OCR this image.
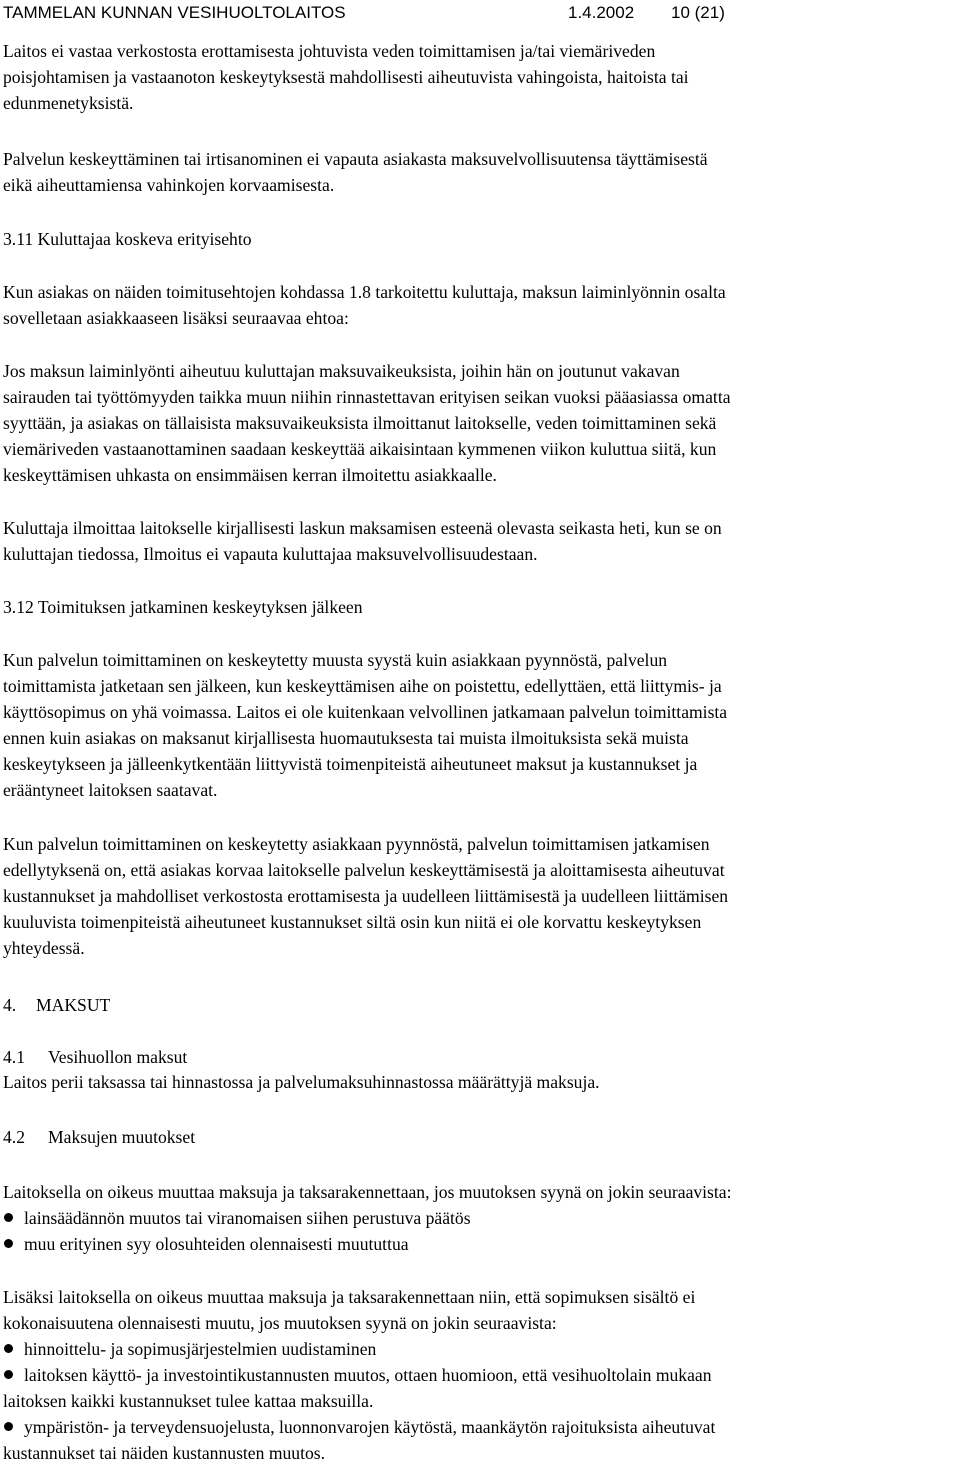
TAMMELAN KUNNAN VESIHUOLTOLAITOS	1.4.2002 10 (21)
Laitos ei vastaa verkostosta erottamisesta johtuvista veden toimittamisen ja/tai viemäriveden
poisjohtamisen ja vastaanoton keskeytyksestä mahdollisesti aiheutuvista vahingoista, haitoista tai
edunmenetyksistä.
Palvelun keskeyttäminen tai irtisanominen ei vapauta asiakasta maksuvelvollisuutensa täyttämisestä
eikä aiheuttamiensa vahinkojen korvaamisesta.
3.11 Kuluttajaa koskeva erityisehto
Kun asiakas on näiden toimitusehtojen kohdassa 1.8 tarkoitettu kuluttaja, maksun laiminlyönnin osalta
sovelletaan asiakkaaseen lisäksi seuraavaa ehtoa:
Jos maksun laiminlyönti aiheutuu kuluttajan maksuvaikeuksista, joihin hän on joutunut vakavan
sairauden tai työttömyyden taikka muun niihin rinnastettavan erityisen seikan vuoksi pääasiassa omatta
syyttään, ja asiakas on tällaisista maksuvaikeuksista ilmoittanut laitokselle, veden toimittaminen sekä
viemäriveden vastaanottaminen saadaan keskeyttää aikaisintaan kymmenen viikon kuluttua siitä, kun
keskeyttämisen uhkasta on ensimmäisen kerran ilmoitettu asiakkaalle.
Kuluttaja ilmoittaa laitokselle kirjallisesti laskun maksamisen esteenä olevasta seikasta heti, kun se on
kuluttajan tiedossa, Ilmoitus ei vapauta kuluttajaa maksuvelvollisuudestaan.
3.12 Toimituksen jatkaminen keskeytyksen jälkeen
Kun palvelun toimittaminen on keskeytetty muusta syystä kuin asiakkaan pyynnöstä, palvelun
toimittamista jatketaan sen jälkeen, kun keskeyttämisen aihe on poistettu, edellyttäen, että liittymis- ja
käyttösopimus on yhä voimassa. Laitos ei ole kuitenkaan velvollinen jatkamaan palvelun toimittamista
ennen kuin asiakas on maksanut kirjallisesta huomautuksesta tai muista ilmoituksista sekä muista
keskeytykseen ja jälleenkytkentään liittyvistä toimenpiteistä aiheutuneet maksut ja kustannukset ja
erääntyneet laitoksen saatavat.
Kun palvelun toimittaminen on keskeytetty asiakkaan pyynnöstä, palvelun toimittamisen jatkamisen
edellytyksenä on, että asiakas korvaa laitokselle palvelun keskeyttämisestä ja aloittamisesta aiheutuvat
kustannukset ja mahdolliset verkostosta erottamisesta ja uudelleen liittämisestä ja uudelleen liittämisen
kuuluvista toimenpiteistä aiheutuneet kustannukset siltä osin kun niitä ei ole korvattu keskeytyksen
yhteydessä.
4. MAKSUT
4.1 Vesihuollon maksut
Laitos perii taksassa tai hinnastossa ja palvelumaksuhinnastossa määrättyjä maksuja.
4.2 Maksujen muutokset
Laitoksella on oikeus muuttaa maksuja ja taksarakennettaan, jos muutoksen syynä on jokin seuraavista:
lainsäädännön muutos tai viranomaisen siihen perustuva päätös
muu erityinen syy olosuhteiden olennaisesti muututtua
Lisäksi laitoksella on oikeus muuttaa maksuja ja taksarakennettaan niin, että sopimuksen sisältö ei
kokonaisuutena olennaisesti muutu, jos muutoksen syynä on jokin seuraavista:
hinnoittelu- ja sopimusjärjestelmien uudistaminen
laitoksen käyttö- ja investointikustannusten muutos, ottaen huomioon, että vesihuoltolain mukaan
laitoksen kaikki kustannukset tulee kattaa maksuilla.
ympäristön- ja terveydensuojelusta, luonnonvarojen käytöstä, maankäytön rajoituksista aiheutuvat
kustannukset tai näiden kustannusten muutos.
